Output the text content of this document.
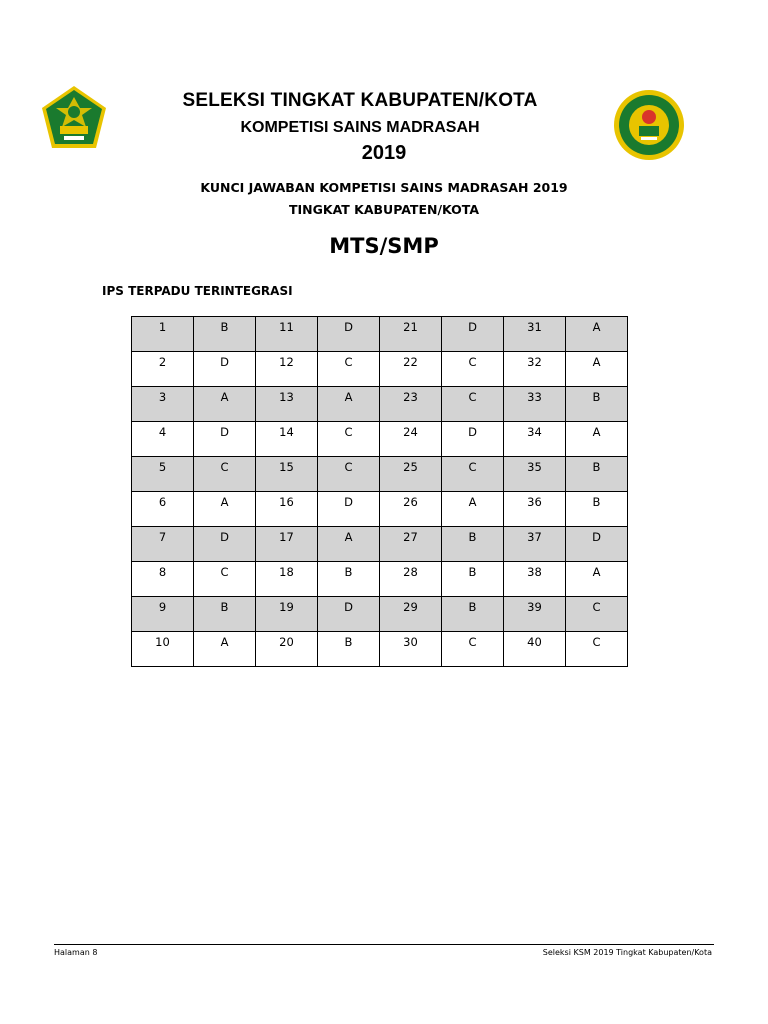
SELEKSI TINGKAT KABUPATEN/KOTA
KOMPETISI SAINS MADRASAH
2019
KUNCI JAWABAN KOMPETISI SAINS MADRASAH 2019
TINGKAT KABUPATEN/KOTA
MTS/SMP
IPS TERPADU TERINTEGRASI
1	B	11	D	21	D	31	A
2	D	12	C	22	C	32	A
3	A	13	A	23	C	33	B
4	D	14	C	24	D	34	A
5	C	15	C	25	C	35	B
6	A	16	D	26	A	36	B
7	D	17	A	27	B	37	D
8	C	18	B	28	B	38	A
9	B	19	D	29	B	39	C
10	A	20	B	30	C	40	C
Halaman 8	Seleksi KSM 2019 Tingkat Kabupaten/Kota
